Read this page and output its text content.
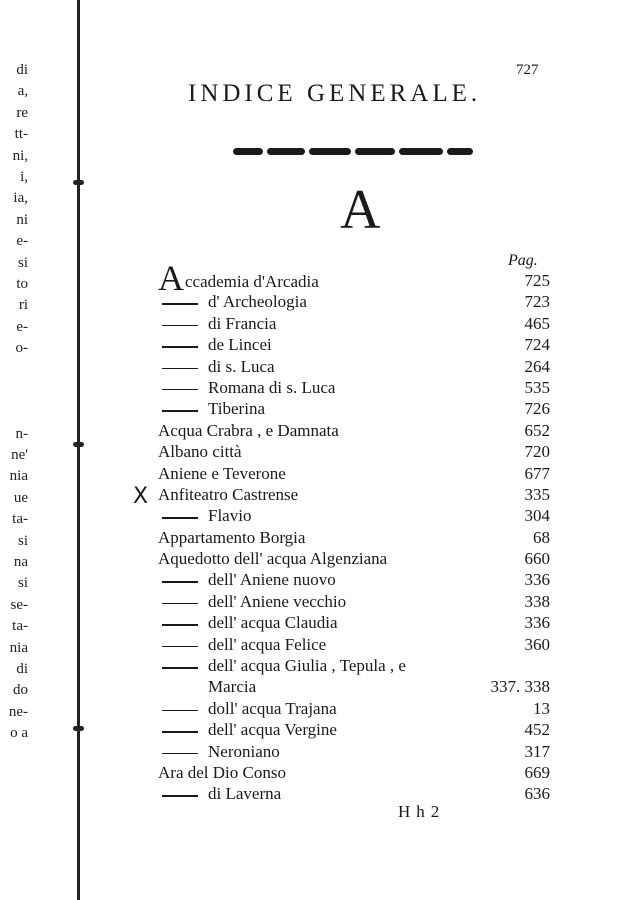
di
a,
re
tt-
ni,
i,
ia,
ni
e-
si
to
ri
e-
o-
n-
ne'
nia
ue
ta-
si
na
si
se-
ta-
nia
di
do
ne-
o a
727
INDICE GENERALE.
A
Pag.
Accademia d'Arcadia	725
d' Archeologia	723
di Francia	465
de Lincei	724
di s. Luca	264
Romana di s. Luca	535
Tiberina	726
Acqua Crabra , e Damnata	652
Albano città	720
Aniene e Teverone	677
Anfiteatro Castrense	335
Flavio	304
Appartamento Borgia	68
Aquedotto dell' acqua Algenziana	660
dell' Aniene nuovo	336
dell' Aniene vecchio	338
dell' acqua Claudia	336
dell' acqua Felice	360
dell' acqua Giulia , Tepula , e
Marcia	337. 338
doll' acqua Trajana	13
dell' acqua Vergine	452
Neroniano	317
Ara del Dio Conso	669
di Laverna	636
X
Hh2
